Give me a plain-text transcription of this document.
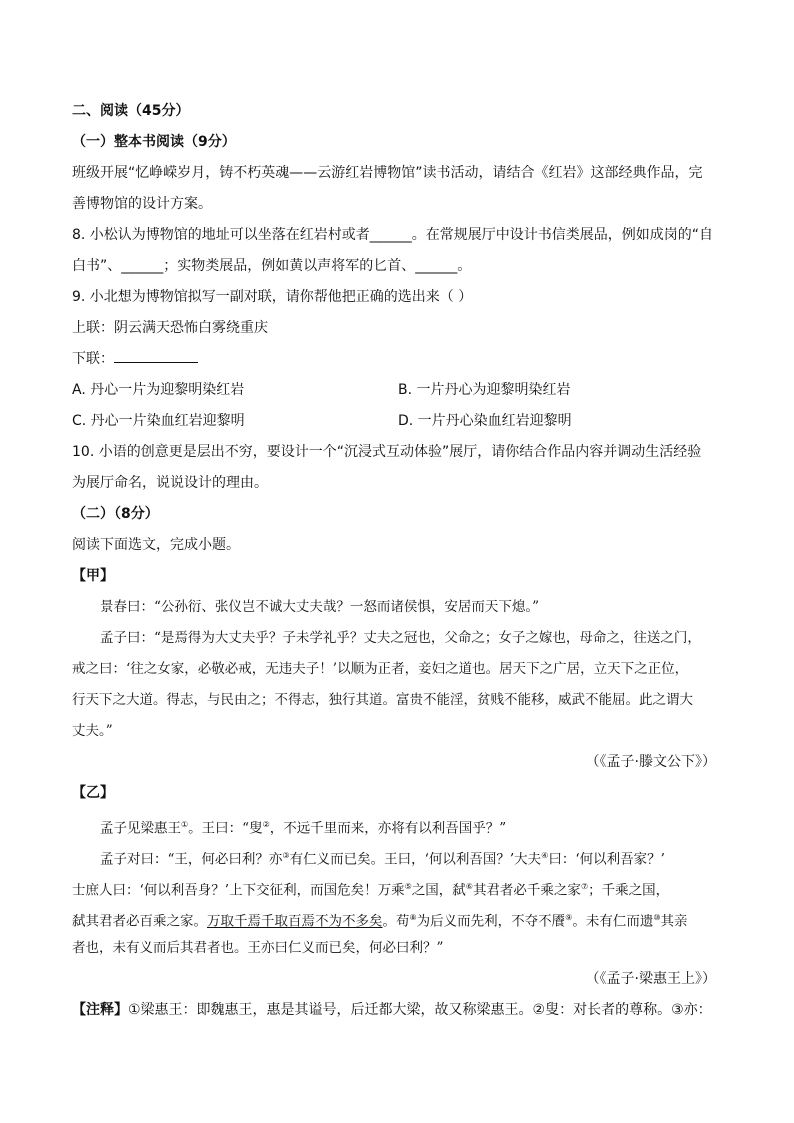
二、阅读（45分）
（一）整本书阅读（9分）
班级开展“忆峥嵘岁月，铸不朽英魂——云游红岩博物馆”读书活动，请结合《红岩》这部经典作品，完
善博物馆的设计方案。
8. 小松认为博物馆的地址可以坐落在红岩村或者______。在常规展厅中设计书信类展品，例如成岗的“自
白书”、______；实物类展品，例如黄以声将军的匕首、______。
9. 小北想为博物馆拟写一副对联，请你帮他把正确的选出来（ ）
上联：阴云满天恐怖白雾绕重庆
下联：
A. 丹心一片为迎黎明染红岩	B. 一片丹心为迎黎明染红岩
C. 丹心一片染血红岩迎黎明	D. 一片丹心染血红岩迎黎明
10. 小语的创意更是层出不穷，要设计一个“沉浸式互动体验”展厅，请你结合作品内容并调动生活经验
为展厅命名，说说设计的理由。
（二）（8分）
阅读下面选文，完成小题。
【甲】
景春曰：“公孙衍、张仪岂不诚大丈夫哉？一怒而诸侯惧，安居而天下熄。”
孟子曰：“是焉得为大丈夫乎？子未学礼乎？丈夫之冠也，父命之；女子之嫁也，母命之，往送之门，
戒之曰：‘往之女家，必敬必戒，无违夫子！’以顺为正者，妾妇之道也。居天下之广居，立天下之正位，
行天下之大道。得志，与民由之；不得志，独行其道。富贵不能淫，贫贱不能移，威武不能屈。此之谓大
丈夫。”
（《孟子·滕文公下》）
【乙】
孟子见梁惠王①。王曰：“叟②，不远千里而来，亦将有以利吾国乎？”
孟子对曰：“王，何必曰利？亦③有仁义而已矣。王曰，‘何以利吾国？’大夫④曰：‘何以利吾家？’
士庶人曰：‘何以利吾身？’上下交征利，而国危矣！万乘⑤之国，弑⑥其君者必千乘之家⑦；千乘之国，
弑其君者必百乘之家。万取千焉千取百焉不为不多矣。苟⑧为后义而先利，不夺不餍⑨。未有仁而遗⑩其亲
者也，未有义而后其君者也。王亦曰仁义而已矣，何必曰利？”
（《孟子·梁惠王上》）
【注释】①梁惠王：即魏惠王，惠是其谥号，后迁都大梁，故又称梁惠王。②叟：对长者的尊称。③亦：
